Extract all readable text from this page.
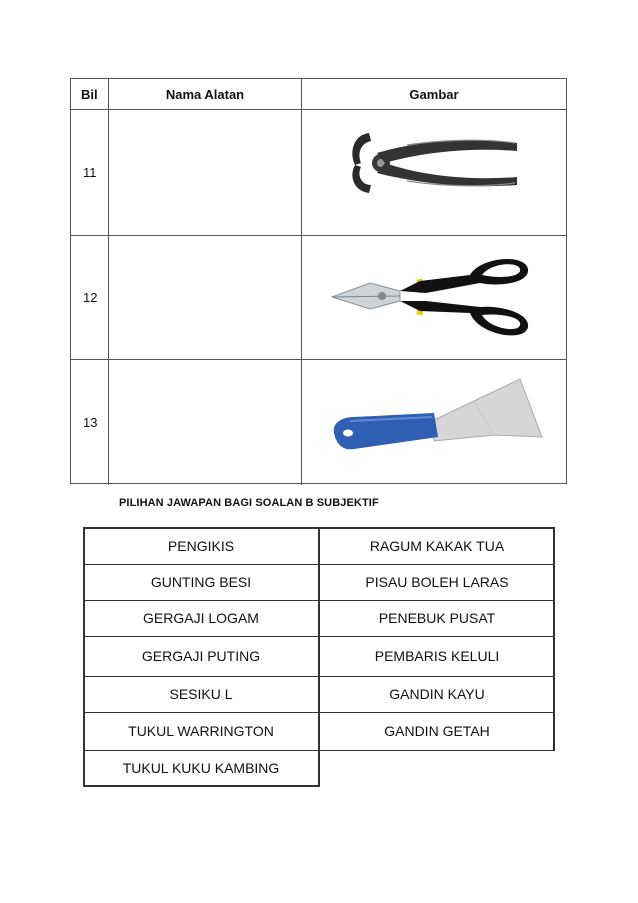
Bil	Nama Alatan	Gambar
11
12
13
PILIHAN JAWAPAN BAGI SOALAN B SUBJEKTIF
PENGIKIS
GUNTING BESI
GERGAJI LOGAM
GERGAJI PUTING
SESIKU L
TUKUL WARRINGTON
TUKUL KUKU KAMBING
RAGUM KAKAK TUA
PISAU BOLEH LARAS
PENEBUK PUSAT
PEMBARIS KELULI
GANDIN KAYU
GANDIN GETAH
